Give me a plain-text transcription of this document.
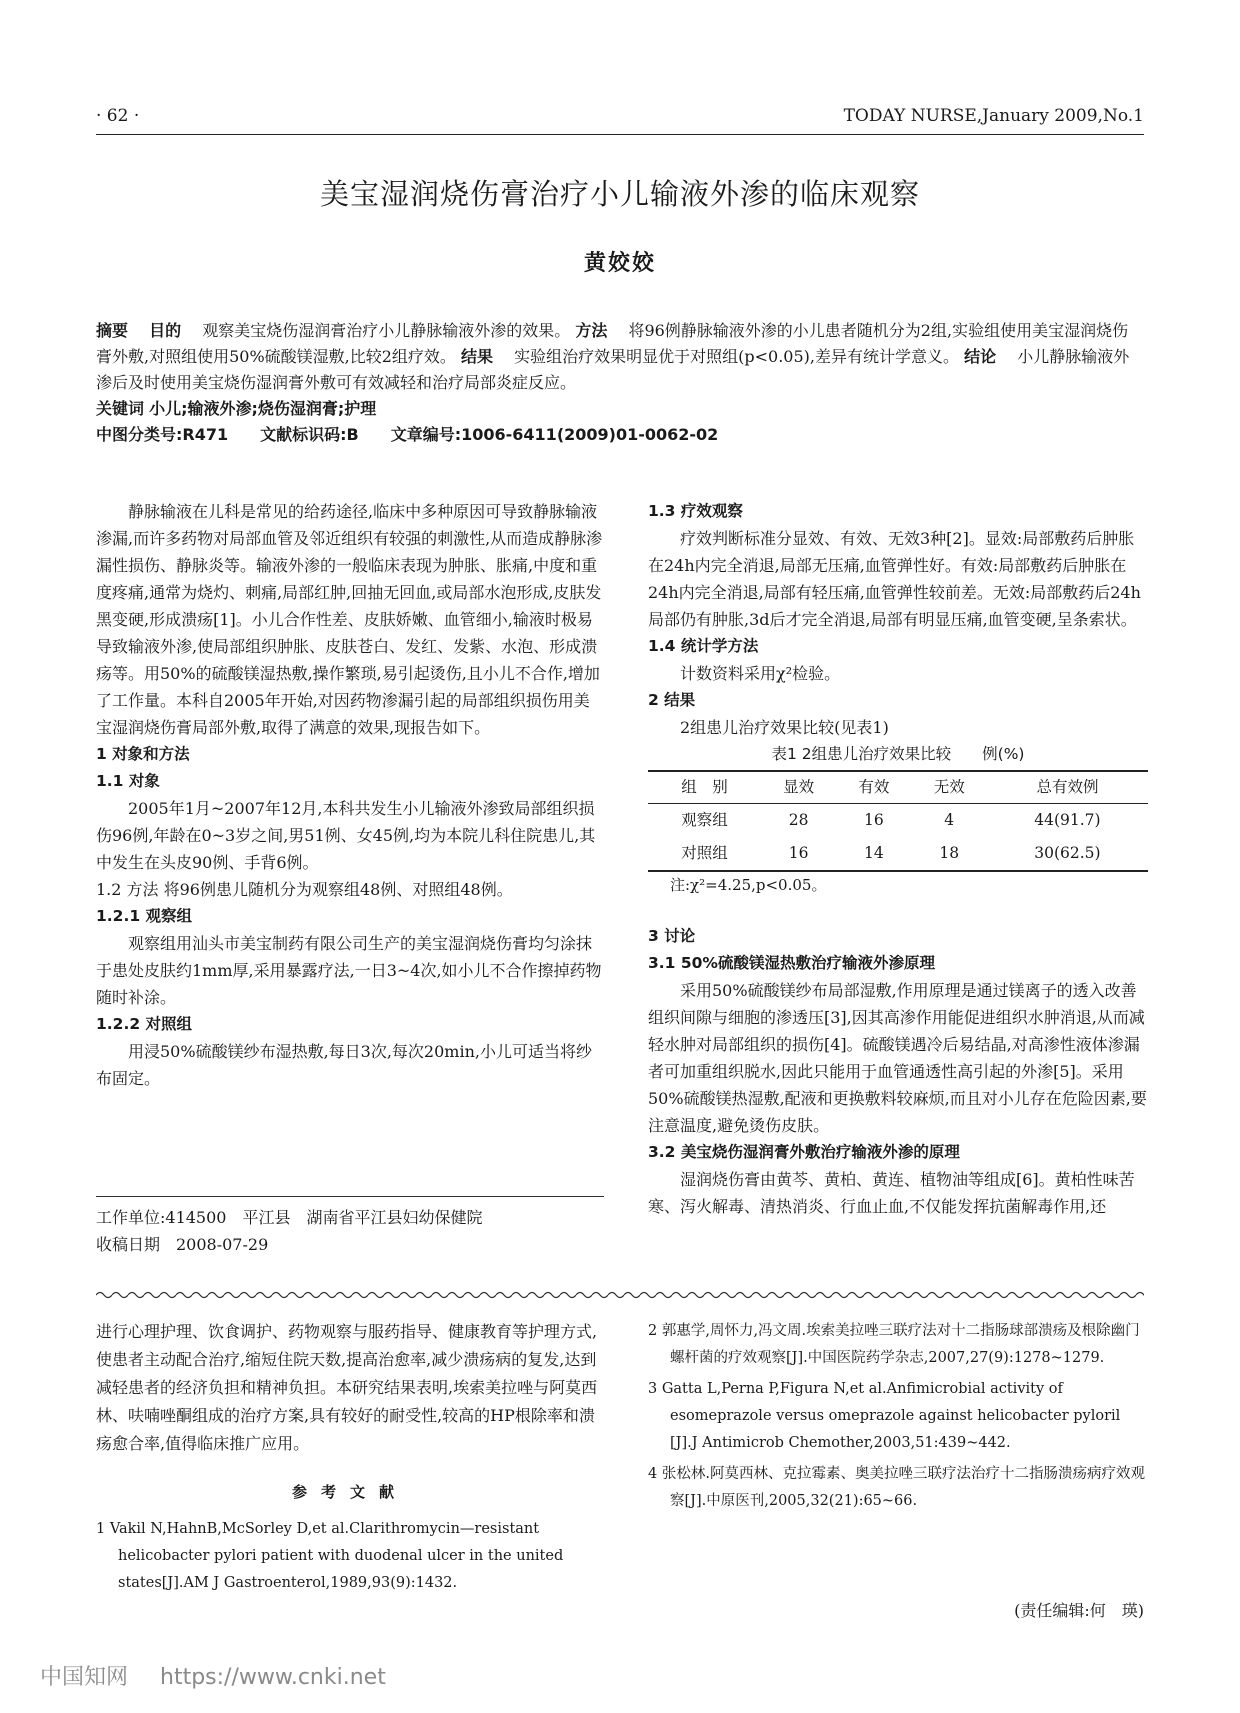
· 62 ·	TODAY NURSE,January 2009,No.1
美宝湿润烧伤膏治疗小儿输液外渗的临床观察
黄姣姣

摘要　 目的　 观察美宝烧伤湿润膏治疗小儿静脉输液外渗的效果。 方法　 将96例静脉输液外渗的小儿患者随机分为2组,实验组使用美宝湿润烧伤膏外敷,对照组使用50%硫酸镁湿敷,比较2组疗效。 结果　 实验组治疗效果明显优于对照组(p<0.05),差异有统计学意义。 结论　 小儿静脉输液外渗后及时使用美宝烧伤湿润膏外敷可有效减轻和治疗局部炎症反应。

关键词 小儿;输液外渗;烧伤湿润膏;护理

中图分类号:R471　　文献标识码:B　　文章编号:1006-6411(2009)01-0062-02

静脉输液在儿科是常见的给药途径,临床中多种原因可导致静脉输液渗漏,而许多药物对局部血管及邻近组织有较强的刺激性,从而造成静脉渗漏性损伤、静脉炎等。输液外渗的一般临床表现为肿胀、胀痛,中度和重度疼痛,通常为烧灼、刺痛,局部红肿,回抽无回血,或局部水泡形成,皮肤发黑变硬,形成溃疡[1]。小儿合作性差、皮肤娇嫩、血管细小,输液时极易导致输液外渗,使局部组织肿胀、皮肤苍白、发红、发紫、水泡、形成溃疡等。用50%的硫酸镁湿热敷,操作繁琐,易引起烫伤,且小儿不合作,增加了工作量。本科自2005年开始,对因药物渗漏引起的局部组织损伤用美宝湿润烧伤膏局部外敷,取得了满意的效果,现报告如下。

1 对象和方法

1.1 对象

2005年1月~2007年12月,本科共发生小儿输液外渗致局部组织损伤96例,年龄在0~3岁之间,男51例、女45例,均为本院儿科住院患儿,其中发生在头皮90例、手背6例。

1.2 方法 将96例患儿随机分为观察组48例、对照组48例。

1.2.1 观察组

观察组用汕头市美宝制药有限公司生产的美宝湿润烧伤膏均匀涂抹于患处皮肤约1mm厚,采用暴露疗法,一日3~4次,如小儿不合作擦掉药物随时补涂。

1.2.2 对照组

用浸50%硫酸镁纱布湿热敷,每日3次,每次20min,小儿可适当将纱布固定。

1.3 疗效观察

疗效判断标准分显效、有效、无效3种[2]。显效:局部敷药后肿胀在24h内完全消退,局部无压痛,血管弹性好。有效:局部敷药后肿胀在24h内完全消退,局部有轻压痛,血管弹性较前差。无效:局部敷药后24h局部仍有肿胀,3d后才完全消退,局部有明显压痛,血管变硬,呈条索状。

1.4 统计学方法

计数资料采用χ²检验。

2 结果

2组患儿治疗效果比较(见表1)

表1 2组患儿治疗效果比较　　例(%)
组　别	显效	有效	无效	总有效例
观察组	28	16	4	44(91.7)
对照组	16	14	18	30(62.5)

注:χ²=4.25,p<0.05。

3 讨论

3.1 50%硫酸镁湿热敷治疗输液外渗原理

采用50%硫酸镁纱布局部湿敷,作用原理是通过镁离子的透入改善组织间隙与细胞的渗透压[3],因其高渗作用能促进组织水肿消退,从而减轻水肿对局部组织的损伤[4]。硫酸镁遇冷后易结晶,对高渗性液体渗漏者可加重组织脱水,因此只能用于血管通透性高引起的外渗[5]。采用50%硫酸镁热湿敷,配液和更换敷料较麻烦,而且对小儿存在危险因素,要注意温度,避免烫伤皮肤。

3.2 美宝烧伤湿润膏外敷治疗输液外渗的原理

湿润烧伤膏由黄芩、黄柏、黄连、植物油等组成[6]。黄柏性味苦寒、泻火解毒、清热消炎、行血止血,不仅能发挥抗菌解毒作用,还

工作单位:414500　平江县　湖南省平江县妇幼保健院
收稿日期　2008-07-29

进行心理护理、饮食调护、药物观察与服药指导、健康教育等护理方式,使患者主动配合治疗,缩短住院天数,提高治愈率,减少溃疡病的复发,达到减轻患者的经济负担和精神负担。本研究结果表明,埃索美拉唑与阿莫西林、呋喃唑酮组成的治疗方案,具有较好的耐受性,较高的HP根除率和溃疡愈合率,值得临床推广应用。

参考文献

1 Vakil N,HahnB,McSorley D,et al.Clarithromycin—resistant helicobacter pylori patient with duodenal ulcer in the united states[J].AM J Gastroenterol,1989,93(9):1432.

2 郭惠学,周怀力,冯文周.埃索美拉唑三联疗法对十二指肠球部溃疡及根除幽门螺杆菌的疗效观察[J].中国医院药学杂志,2007,27(9):1278~1279.

3 Gatta L,Perna P,Figura N,et al.Anfimicrobial activity of esomeprazole versus omeprazole against helicobacter pyloril [J].J Antimicrob Chemother,2003,51:439~442.

4 张松林.阿莫西林、克拉霉素、奥美拉唑三联疗法治疗十二指肠溃疡病疗效观察[J].中原医刊,2005,32(21):65~66.

(责任编辑:何　瑛)
中国知网 https://www.cnki.net
